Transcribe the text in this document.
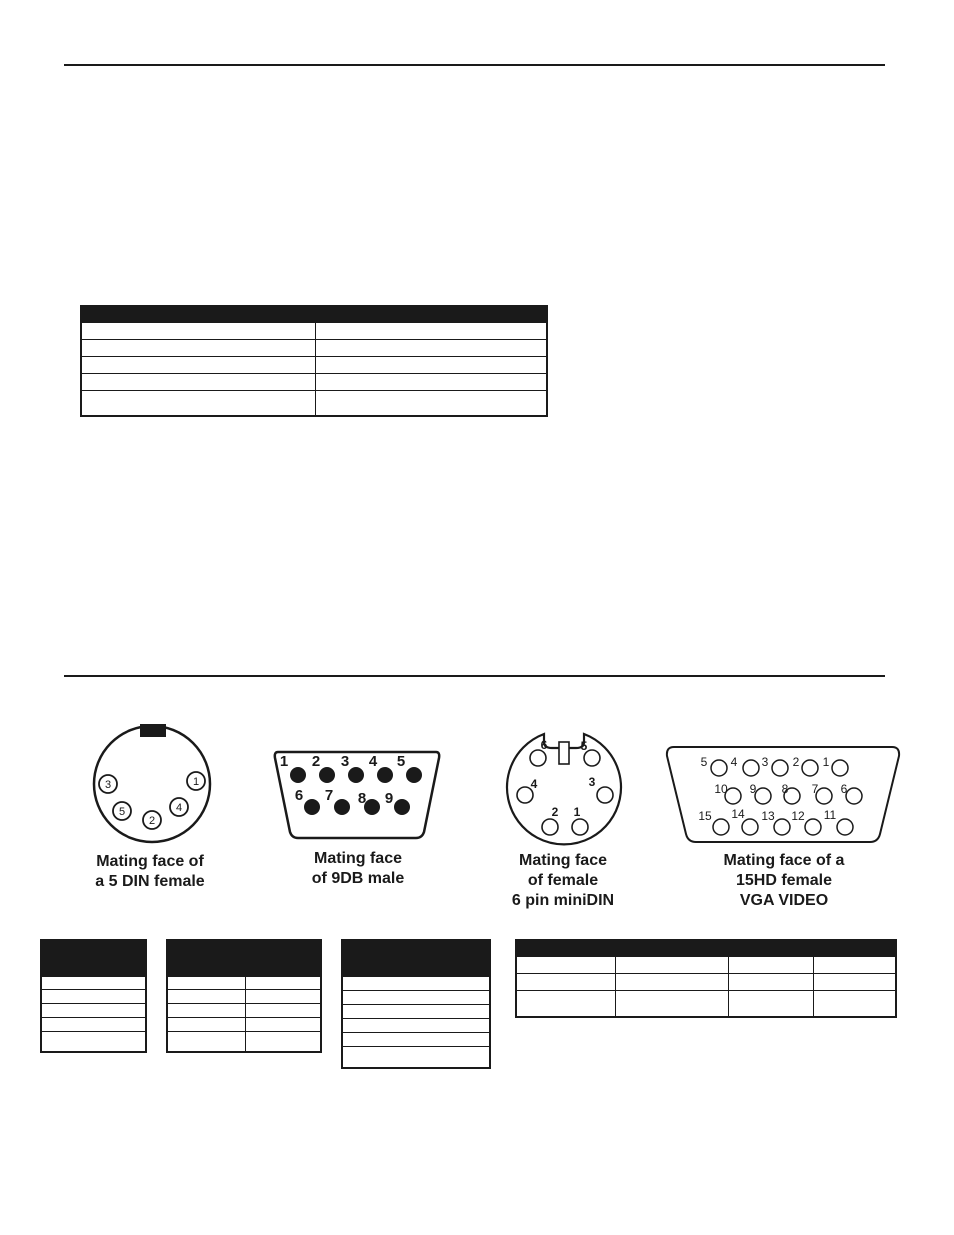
1
2
3
4
5
Mating face of
a 5 DIN female
1 2 3 4 5
6 7 8 9
Mating face
of 9DB male
1
2
3
4
5
6
Mating face
of female
6 pin miniDIN
1
2
3
4
5
6
7
8
9
10
11
12
13
14
15
Mating face of a
15HD female
VGA VIDEO
